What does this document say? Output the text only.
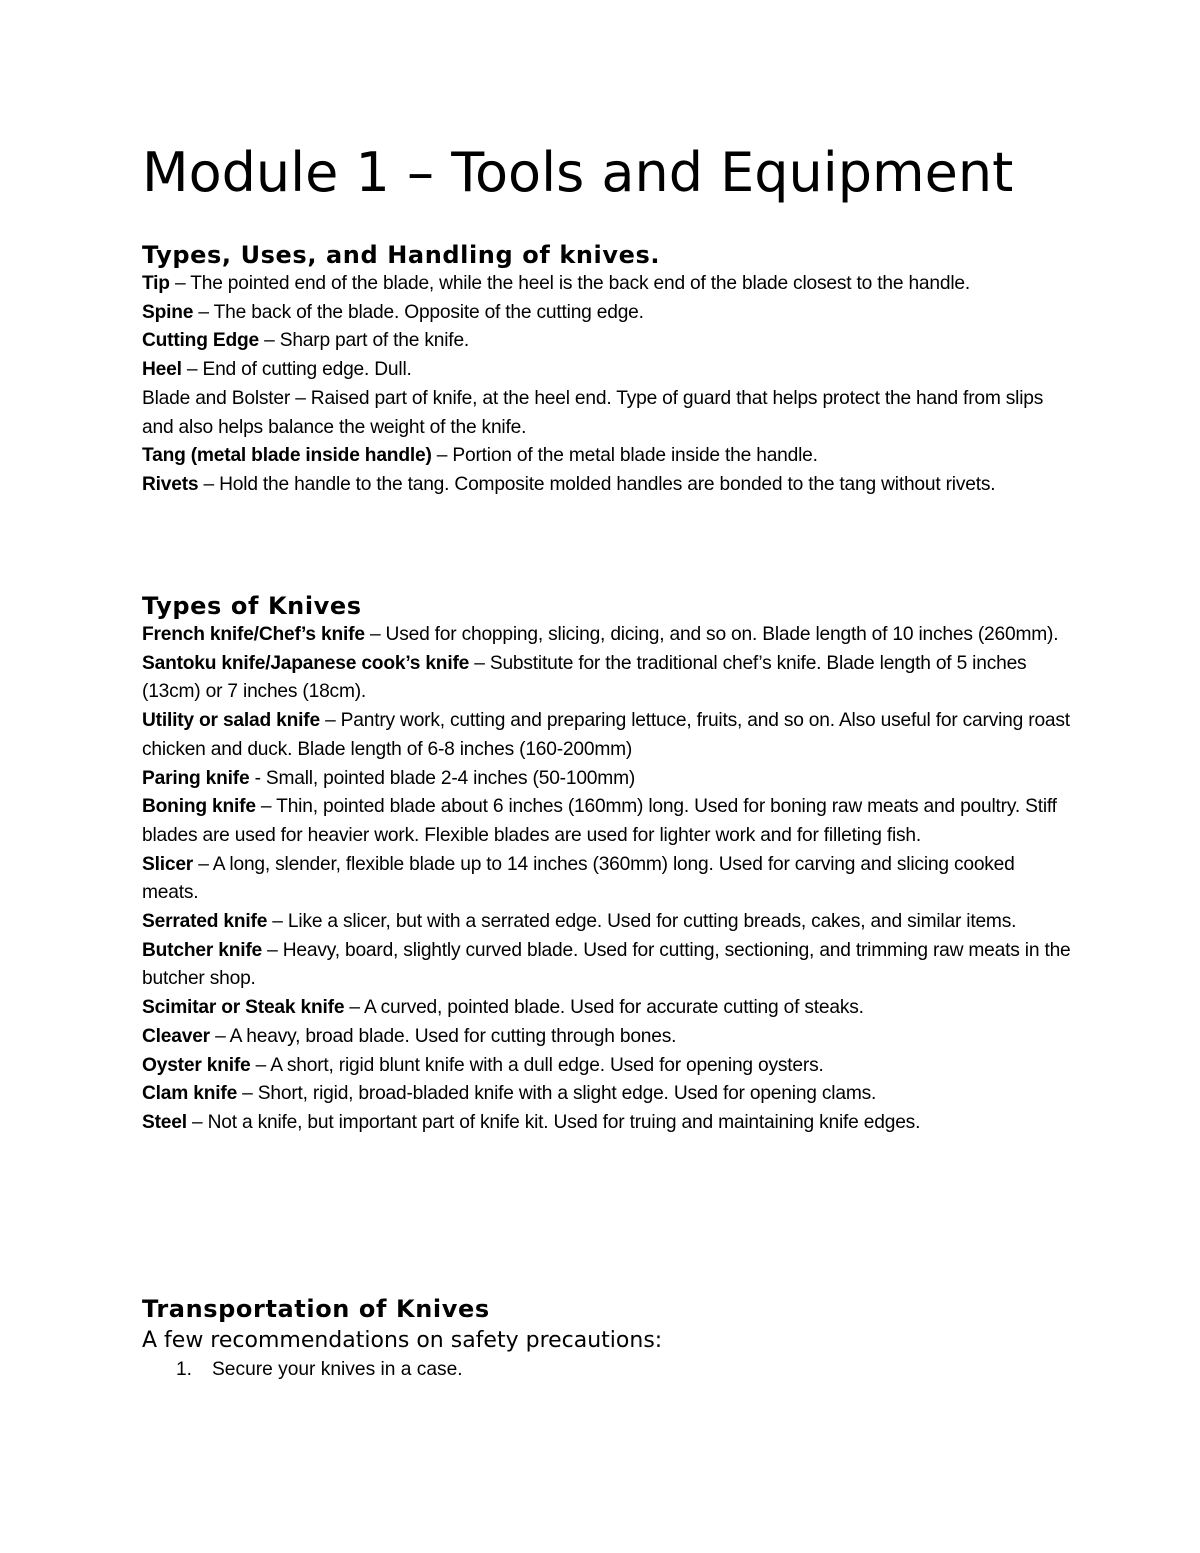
Module 1 – Tools and Equipment
Types, Uses, and Handling of knives.

Tip – The pointed end of the blade, while the heel is the back end of the blade closest to the handle.

Spine – The back of the blade. Opposite of the cutting edge.

Cutting Edge – Sharp part of the knife.

Heel – End of cutting edge. Dull.

Blade and Bolster – Raised part of knife, at the heel end. Type of guard that helps protect the hand from slips and also helps balance the weight of the knife.

Tang (metal blade inside handle) – Portion of the metal blade inside the handle.

Rivets – Hold the handle to the tang. Composite molded handles are bonded to the tang without rivets.

Types of Knives

French knife/Chef’s knife – Used for chopping, slicing, dicing, and so on. Blade length of 10 inches (260mm).

Santoku knife/Japanese cook’s knife – Substitute for the traditional chef’s knife. Blade length of 5 inches (13cm) or 7 inches (18cm).

Utility or salad knife – Pantry work, cutting and preparing lettuce, fruits, and so on. Also useful for carving roast chicken and duck. Blade length of 6-8 inches (160-200mm)

Paring knife - Small, pointed blade 2-4 inches (50-100mm)

Boning knife – Thin, pointed blade about 6 inches (160mm) long. Used for boning raw meats and poultry. Stiff blades are used for heavier work. Flexible blades are used for lighter work and for filleting fish.

Slicer – A long, slender, flexible blade up to 14 inches (360mm) long. Used for carving and slicing cooked meats.

Serrated knife – Like a slicer, but with a serrated edge. Used for cutting breads, cakes, and similar items.

Butcher knife – Heavy, board, slightly curved blade. Used for cutting, sectioning, and trimming raw meats in the butcher shop.

Scimitar or Steak knife – A curved, pointed blade. Used for accurate cutting of steaks.

Cleaver – A heavy, broad blade. Used for cutting through bones.

Oyster knife – A short, rigid blunt knife with a dull edge. Used for opening oysters.

Clam knife – Short, rigid, broad-bladed knife with a slight edge. Used for opening clams.

Steel – Not a knife, but important part of knife kit. Used for truing and maintaining knife edges.

Transportation of Knives

A few recommendations on safety precautions:

1. Secure your knives in a case.
